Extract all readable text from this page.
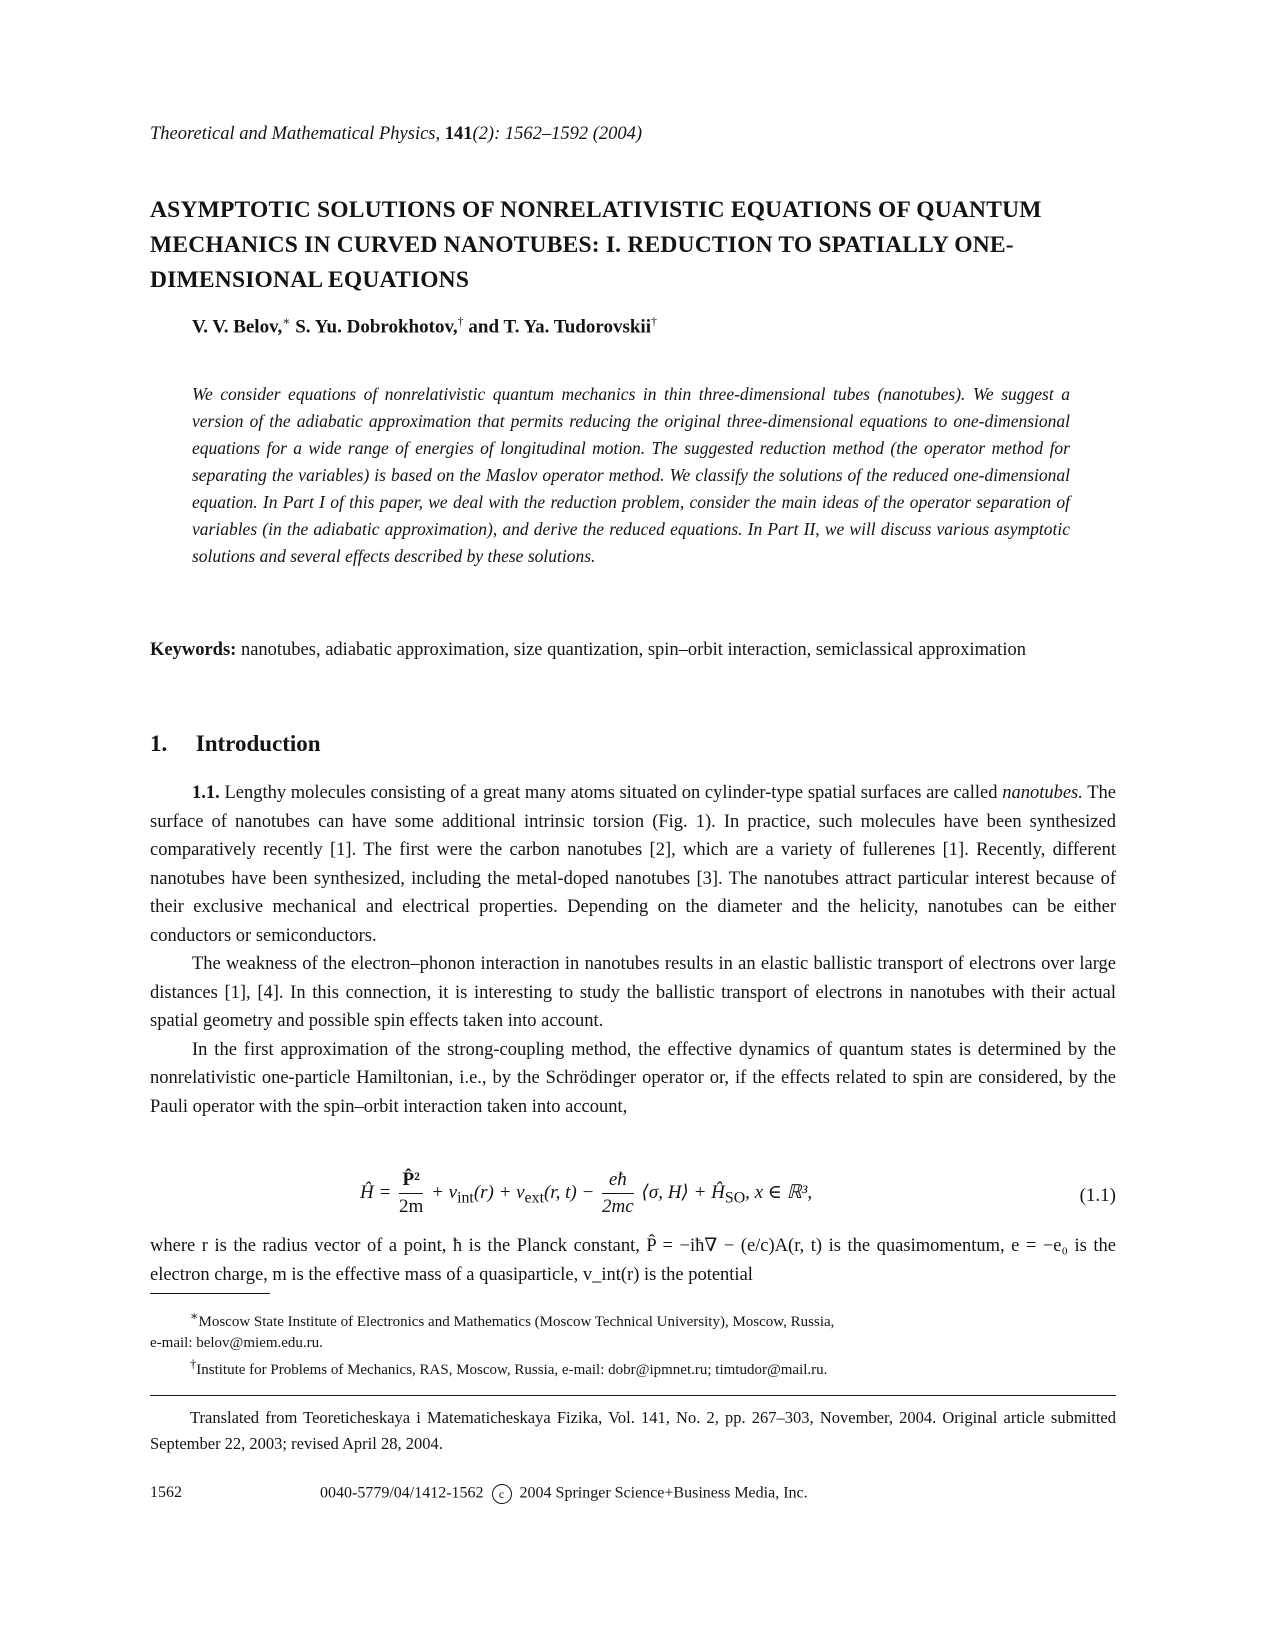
Theoretical and Mathematical Physics, 141(2): 1562–1592 (2004)
ASYMPTOTIC SOLUTIONS OF NONRELATIVISTIC EQUATIONS OF QUANTUM MECHANICS IN CURVED NANOTUBES: I. REDUCTION TO SPATIALLY ONE-DIMENSIONAL EQUATIONS
V. V. Belov,∗ S. Yu. Dobrokhotov,† and T. Ya. Tudorovskii†
We consider equations of nonrelativistic quantum mechanics in thin three-dimensional tubes (nanotubes). We suggest a version of the adiabatic approximation that permits reducing the original three-dimensional equations to one-dimensional equations for a wide range of energies of longitudinal motion. The suggested reduction method (the operator method for separating the variables) is based on the Maslov operator method. We classify the solutions of the reduced one-dimensional equation. In Part I of this paper, we deal with the reduction problem, consider the main ideas of the operator separation of variables (in the adiabatic approximation), and derive the reduced equations. In Part II, we will discuss various asymptotic solutions and several effects described by these solutions.
Keywords: nanotubes, adiabatic approximation, size quantization, spin–orbit interaction, semiclassical approximation
1. Introduction

1.1. Lengthy molecules consisting of a great many atoms situated on cylinder-type spatial surfaces are called nanotubes. The surface of nanotubes can have some additional intrinsic torsion (Fig. 1). In practice, such molecules have been synthesized comparatively recently [1]. The first were the carbon nanotubes [2], which are a variety of fullerenes [1]. Recently, different nanotubes have been synthesized, including the metal-doped nanotubes [3]. The nanotubes attract particular interest because of their exclusive mechanical and electrical properties. Depending on the diameter and the helicity, nanotubes can be either conductors or semiconductors.

The weakness of the electron–phonon interaction in nanotubes results in an elastic ballistic transport of electrons over large distances [1], [4]. In this connection, it is interesting to study the ballistic transport of electrons in nanotubes with their actual spatial geometry and possible spin effects taken into account.

In the first approximation of the strong-coupling method, the effective dynamics of quantum states is determined by the nonrelativistic one-particle Hamiltonian, i.e., by the Schrödinger operator or, if the effects related to spin are considered, by the Pauli operator with the spin–orbit interaction taken into account,

Ĥ = $\frac{\text{P̂²}}{2m} + v_{int}(r) + v_{ext}(r$, $t) - \frac{eħ}{2mc}$ ⟨σ, H⟩ + $Ĥ_{SO}$, x ∈ ℝ³,	(1.1)
where r is the radius vector of a point, ħ is the Planck constant, P̂ = −iħ∇ − (e/c)A(r, t) is the quasimomentum, e = −e₀ is the electron charge, m is the effective mass of a quasiparticle, v_int(r) is the potential

∗Moscow State Institute of Electronics and Mathematics (Moscow Technical University), Moscow, Russia,

e-mail: belov@miem.edu.ru.

†Institute for Problems of Mechanics, RAS, Moscow, Russia, e-mail: dobr@ipmnet.ru; timtudor@mail.ru.

Translated from Teoreticheskaya i Matematicheskaya Fizika, Vol. 141, No. 2, pp. 267–303, November, 2004. Original article submitted September 22, 2003; revised April 28, 2004.
1562	0040-5779/04/1412-1562 c 2004 Springer Science+Business Media, Inc.
